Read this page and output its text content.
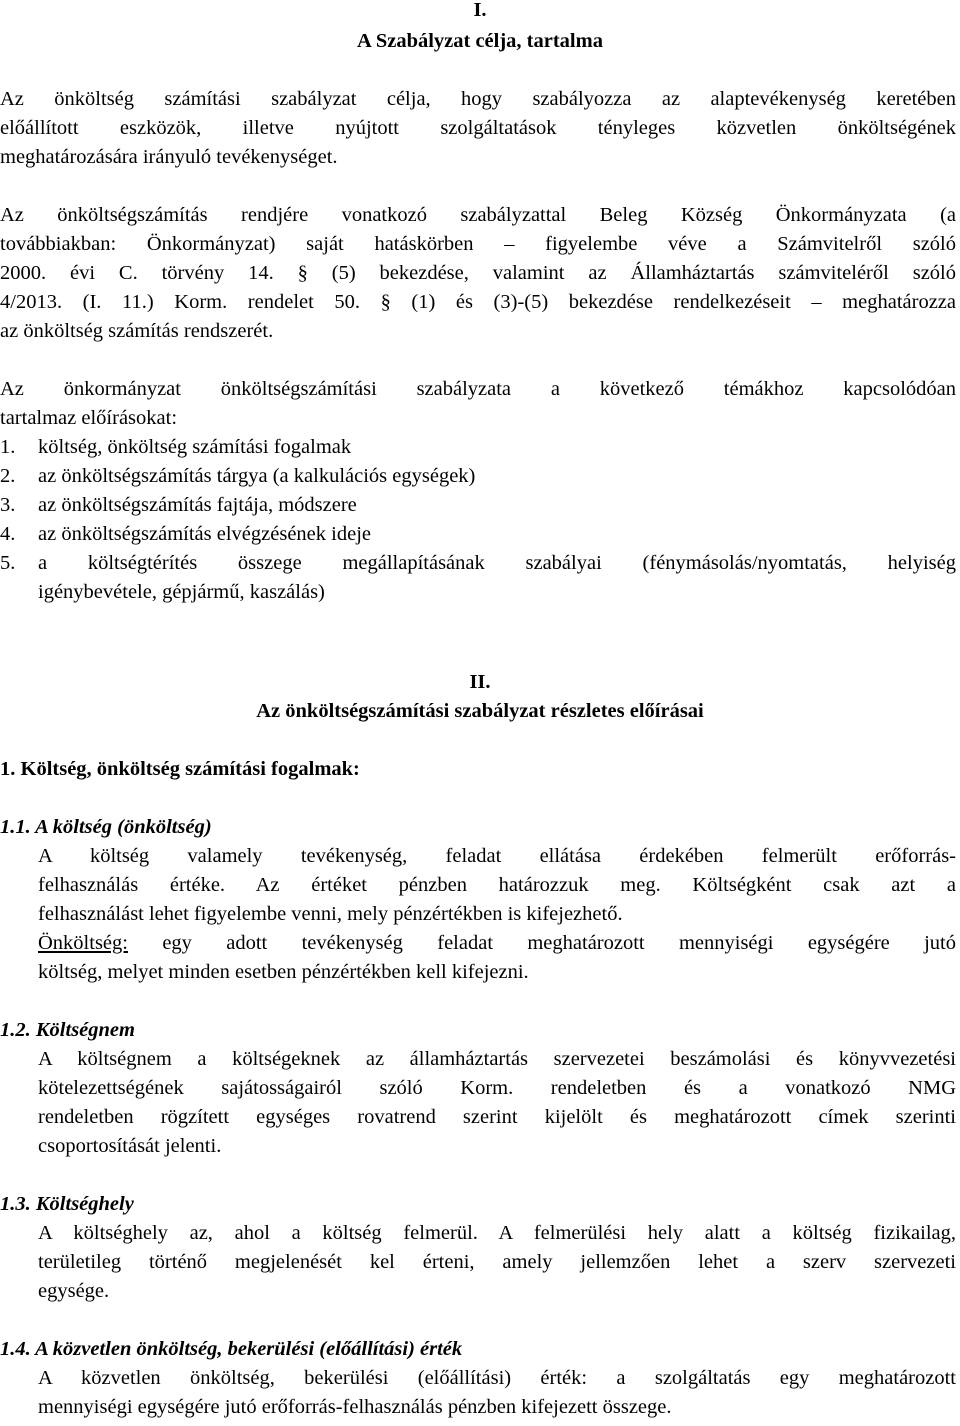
I.
A Szabályzat célja, tartalma
Az önköltség számítási szabályzat célja, hogy szabályozza az alaptevékenység keretében
előállított eszközök, illetve nyújtott szolgáltatások tényleges közvetlen önköltségének
meghatározására irányuló tevékenységet.
Az önköltségszámítás rendjére vonatkozó szabályzattal Beleg Község Önkormányzata (a
továbbiakban: Önkormányzat) saját hatáskörben – figyelembe véve a Számvitelről szóló
2000. évi C. törvény 14. § (5) bekezdése, valamint az Államháztartás számviteléről szóló
4/2013. (I. 11.) Korm. rendelet 50. § (1) és (3)-(5) bekezdése rendelkezéseit – meghatározza
az önköltség számítás rendszerét.
Az önkormányzat önköltségszámítási szabályzata a következő témákhoz kapcsolódóan
tartalmaz előírásokat:
1. költség, önköltség számítási fogalmak
2. az önköltségszámítás tárgya (a kalkulációs egységek)
3. az önköltségszámítás fajtája, módszere
4. az önköltségszámítás elvégzésének ideje
5. a költségtérítés összege megállapításának szabályai (fénymásolás/nyomtatás, helyiség
igénybevétele, gépjármű, kaszálás)
II.
Az önköltségszámítási szabályzat részletes előírásai
1. Költség, önköltség számítási fogalmak:
1.1. A költség (önköltség)
A költség valamely tevékenység, feladat ellátása érdekében felmerült erőforrás-
felhasználás értéke. Az értéket pénzben határozzuk meg. Költségként csak azt a
felhasználást lehet figyelembe venni, mely pénzértékben is kifejezhető.
Önköltség: egy adott tevékenység feladat meghatározott mennyiségi egységére jutó
költség, melyet minden esetben pénzértékben kell kifejezni.
1.2. Költségnem
A költségnem a költségeknek az államháztartás szervezetei beszámolási és könyvvezetési
kötelezettségének sajátosságairól szóló Korm. rendeletben és a vonatkozó NMG
rendeletben rögzített egységes rovatrend szerint kijelölt és meghatározott címek szerinti
csoportosítását jelenti.
1.3. Költséghely
A költséghely az, ahol a költség felmerül. A felmerülési hely alatt a költség fizikailag,
területileg történő megjelenését kel érteni, amely jellemzően lehet a szerv szervezeti
egysége.
1.4. A közvetlen önköltség, bekerülési (előállítási) érték
A közvetlen önköltség, bekerülési (előállítási) érték: a szolgáltatás egy meghatározott
mennyiségi egységére jutó erőforrás-felhasználás pénzben kifejezett összege.
